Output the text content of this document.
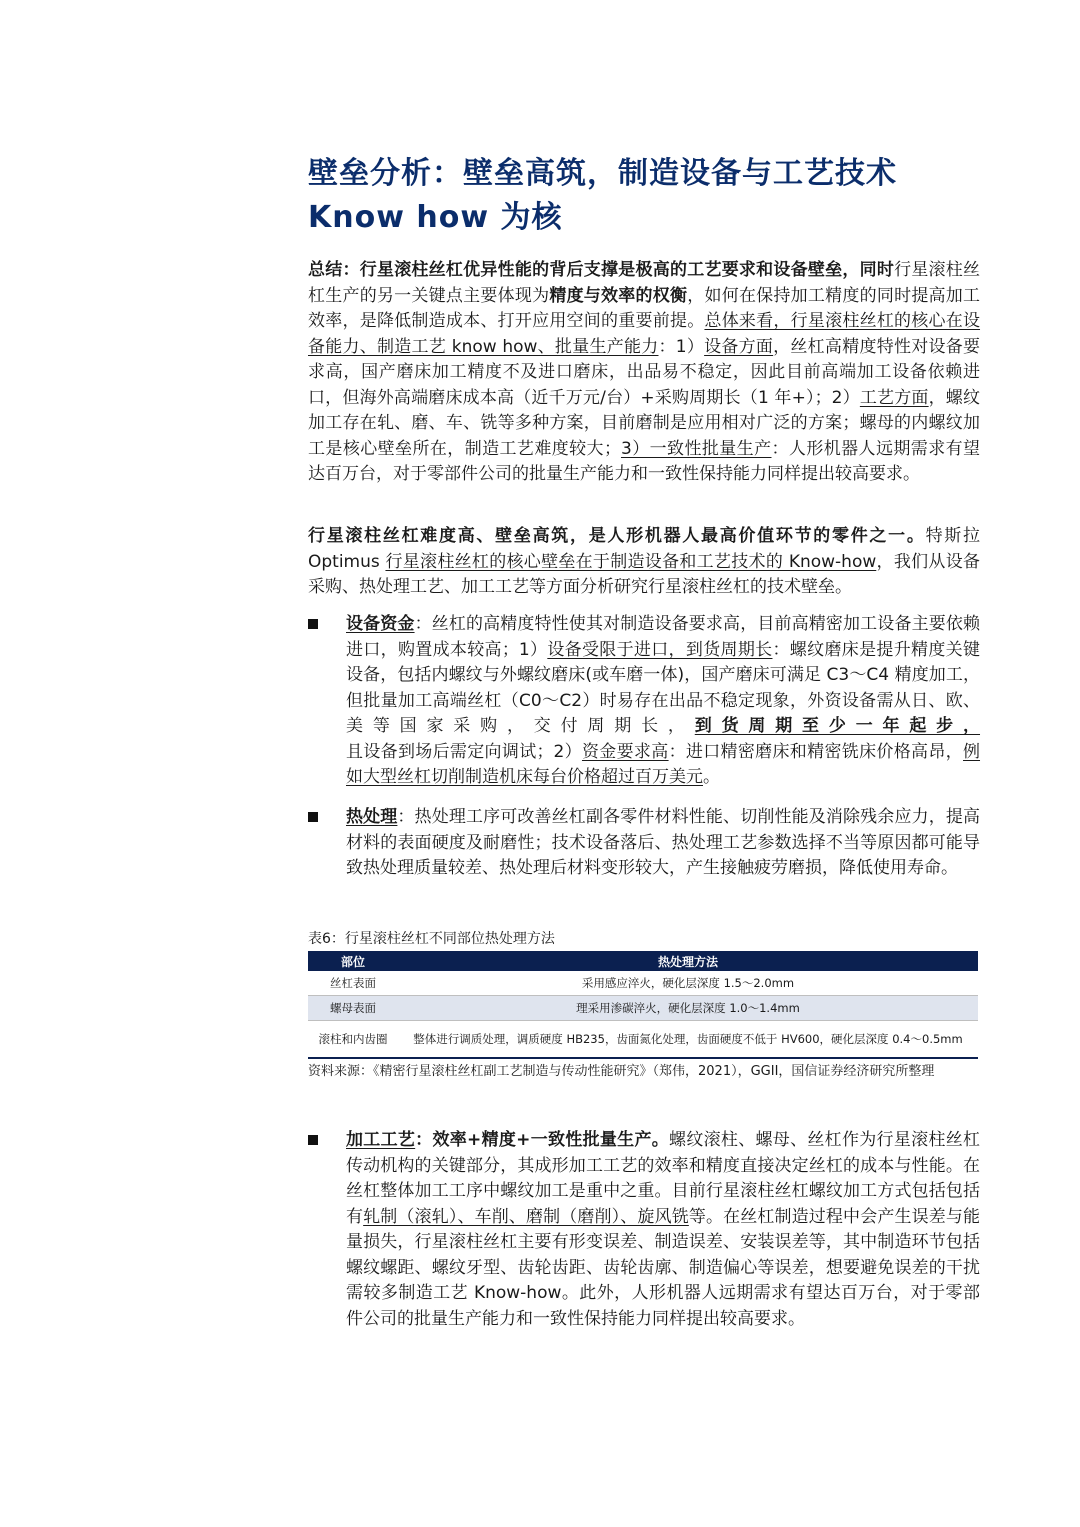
壁垒分析：壁垒高筑，制造设备与工艺技术
Know how 为核
总结：行星滚柱丝杠优异性能的背后支撑是极高的工艺要求和设备壁垒，同时行星滚柱丝杠生产的另一关键点主要体现为精度与效率的权衡，如何在保持加工精度的同时提高加工效率，是降低制造成本、打开应用空间的重要前提。总体来看，行星滚柱丝杠的核心在设备能力、制造工艺 know how、批量生产能力：1）设备方面，丝杠高精度特性对设备要求高，国产磨床加工精度不及进口磨床，出品易不稳定，因此目前高端加工设备依赖进口，但海外高端磨床成本高（近千万元/台）+采购周期长（1 年+）；2）工艺方面，螺纹加工存在轧、磨、车、铣等多种方案，目前磨制是应用相对广泛的方案；螺母的内螺纹加工是核心壁垒所在，制造工艺难度较大；3）一致性批量生产：人形机器人远期需求有望达百万台，对于零部件公司的批量生产能力和一致性保持能力同样提出较高要求。
行星滚柱丝杠难度高、壁垒高筑，是人形机器人最高价值环节的零件之一。特斯拉 Optimus 行星滚柱丝杠的核心壁垒在于制造设备和工艺技术的 Know-how，我们从设备采购、热处理工艺、加工工艺等方面分析研究行星滚柱丝杠的技术壁垒。
设备资金：丝杠的高精度特性使其对制造设备要求高，目前高精密加工设备主要依赖进口，购置成本较高；1）设备受限于进口，到货周期长：螺纹磨床是提升精度关键设备，包括内螺纹与外螺纹磨床(或车磨一体)，国产磨床可满足 C3～C4 精度加工，但批量加工高端丝杠（C0～C2）时易存在出品不稳定现象，外资设备需从日、欧、美等国家采购，交付周期长，到货周期至少一年起步，且设备到场后需定向调试；2）资金要求高：进口精密磨床和精密铣床价格高昂，例如大型丝杠切削制造机床每台价格超过百万美元。
热处理：热处理工序可改善丝杠副各零件材料性能、切削性能及消除残余应力，提高材料的表面硬度及耐磨性；技术设备落后、热处理工艺参数选择不当等原因都可能导致热处理质量较差、热处理后材料变形较大，产生接触疲劳磨损，降低使用寿命。
表6：行星滚柱丝杠不同部位热处理方法
部位	热处理方法
丝杠表面	采用感应淬火，硬化层深度 1.5～2.0mm
螺母表面	理采用渗碳淬火，硬化层深度 1.0～1.4mm
滚柱和内齿圈	整体进行调质处理，调质硬度 HB235，齿面氮化处理，齿面硬度不低于 HV600，硬化层深度 0.4～0.5mm
资料来源：《精密行星滚柱丝杠副工艺制造与传动性能研究》（郑伟，2021），GGII，国信证券经济研究所整理
加工工艺：效率+精度+一致性批量生产。螺纹滚柱、螺母、丝杠作为行星滚柱丝杠传动机构的关键部分，其成形加工工艺的效率和精度直接决定丝杠的成本与性能。在丝杠整体加工工序中螺纹加工是重中之重。目前行星滚柱丝杠螺纹加工方式包括包括有轧制（滚轧）、车削、磨制（磨削）、旋风铣等。在丝杠制造过程中会产生误差与能量损失，行星滚柱丝杠主要有形变误差、制造误差、安装误差等，其中制造环节包括螺纹螺距、螺纹牙型、齿轮齿距、齿轮齿廓、制造偏心等误差，想要避免误差的干扰需较多制造工艺 Know-how。此外，人形机器人远期需求有望达百万台，对于零部件公司的批量生产能力和一致性保持能力同样提出较高要求。
